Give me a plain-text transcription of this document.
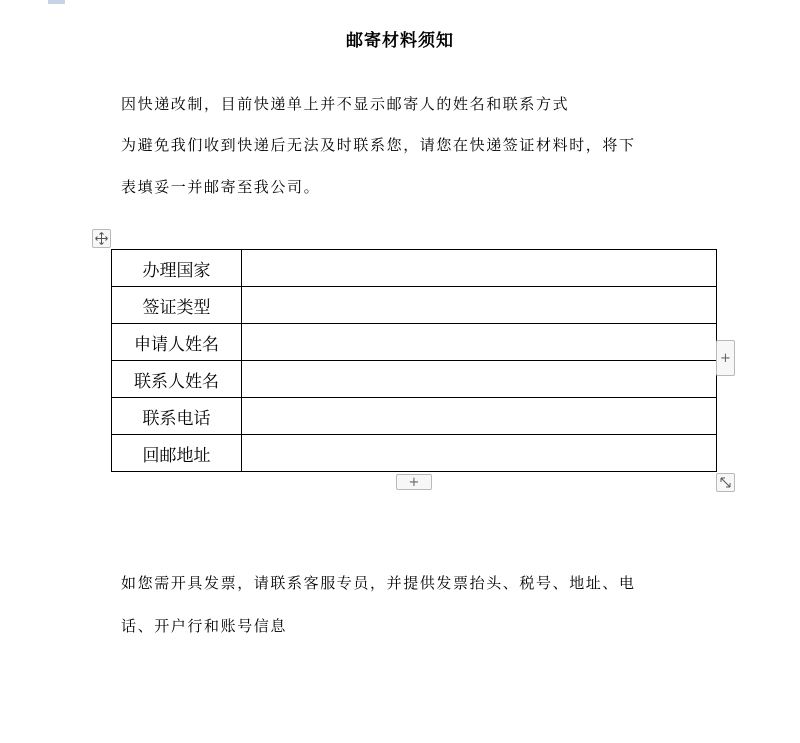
邮寄材料须知
因快递改制，目前快递单上并不显示邮寄人的姓名和联系方式
为避免我们收到快递后无法及时联系您，请您在快递签证材料时，将下
表填妥一并邮寄至我公司。
办理国家	
签证类型	
申请人姓名	
联系人姓名	
联系电话	
回邮地址	
+
+
如您需开具发票，请联系客服专员，并提供发票抬头、税号、地址、电
话、开户行和账号信息
